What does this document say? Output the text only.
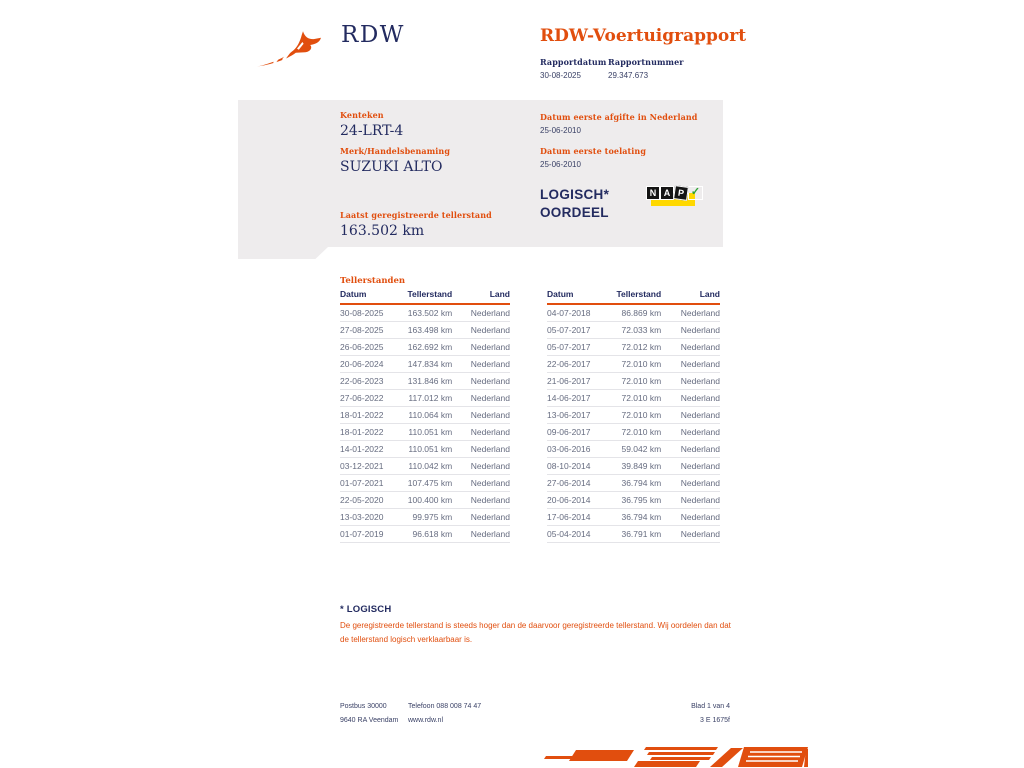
RDW	RDW-Voertuigrapport
Rapportdatum
30-08-2025
Rapportnummer
29.347.673
Kenteken
24-LRT-4
Merk/Handelsbenaming
SUZUKI ALTO
Laatst geregistreerde tellerstand
163.502 km
Datum eerste afgifte in Nederland
25-06-2010
Datum eerste toelating
25-06-2010
LOGISCH*
OORDEEL
N A P ✓
Tellerstanden
Datum	Tellerstand	Land
30-08-2025	163.502 km	Nederland
27-08-2025	163.498 km	Nederland
26-06-2025	162.692 km	Nederland
20-06-2024	147.834 km	Nederland
22-06-2023	131.846 km	Nederland
27-06-2022	117.012 km	Nederland
18-01-2022	110.064 km	Nederland
18-01-2022	110.051 km	Nederland
14-01-2022	110.051 km	Nederland
03-12-2021	110.042 km	Nederland
01-07-2021	107.475 km	Nederland
22-05-2020	100.400 km	Nederland
13-03-2020	99.975 km	Nederland
01-07-2019	96.618 km	Nederland
Datum	Tellerstand	Land
04-07-2018	86.869 km	Nederland
05-07-2017	72.033 km	Nederland
05-07-2017	72.012 km	Nederland
22-06-2017	72.010 km	Nederland
21-06-2017	72.010 km	Nederland
14-06-2017	72.010 km	Nederland
13-06-2017	72.010 km	Nederland
09-06-2017	72.010 km	Nederland
03-06-2016	59.042 km	Nederland
08-10-2014	39.849 km	Nederland
27-06-2014	36.794 km	Nederland
20-06-2014	36.795 km	Nederland
17-06-2014	36.794 km	Nederland
05-04-2014	36.791 km	Nederland
* LOGISCH
De geregistreerde tellerstand is steeds hoger dan de daarvoor geregistreerde tellerstand. Wij oordelen dan dat de tellerstand logisch verklaarbaar is.
Postbus 30000
9640 RA Veendam
Telefoon 088 008 74 47
www.rdw.nl
Blad 1 van 4
3 E 1675f
